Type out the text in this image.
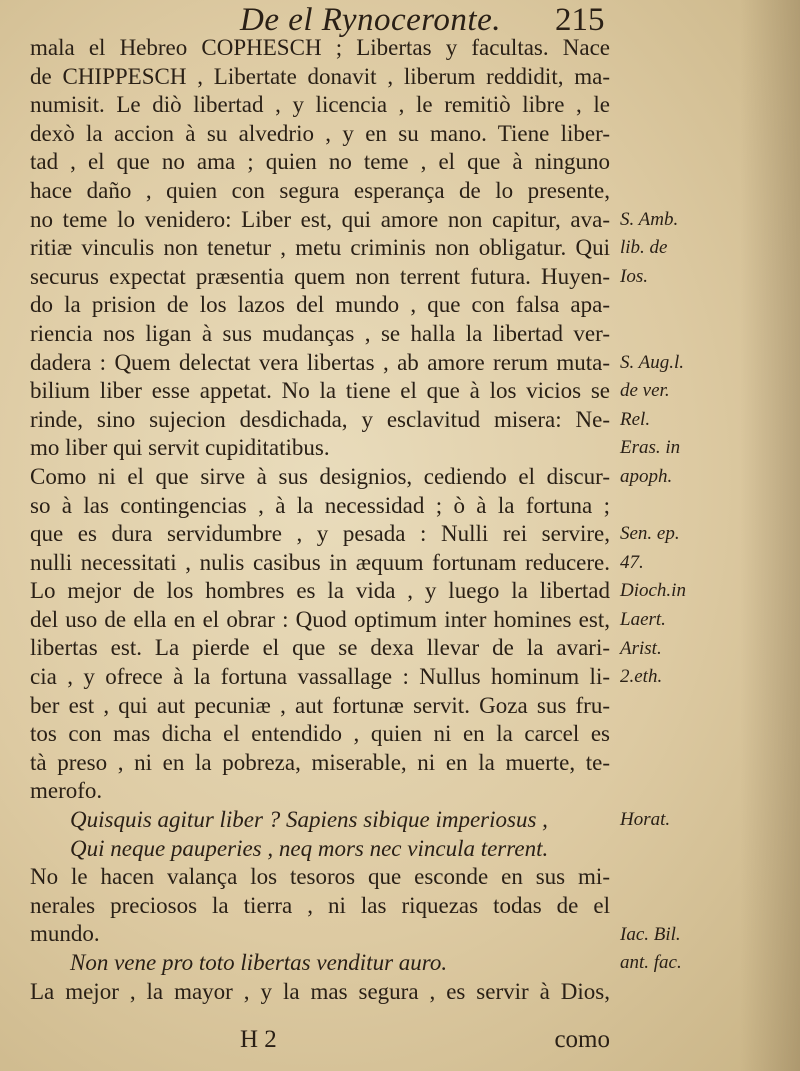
De el Rynoceronte. 215
mala el Hebreo COPHESCH ; Libertas y facultas. Nace
de CHIPPESCH , Libertate donavit , liberum reddidit, ma-
numisit. Le diò libertad , y licencia , le remitiò libre , le
dexò la accion à su alvedrio , y en su mano. Tiene liber-
tad , el que no ama ; quien no teme , el que à ninguno
hace daño , quien con segura esperança de lo presente,
no teme lo venidero: Liber est, qui amore non capitur, ava-
ritiæ vinculis non tenetur , metu criminis non obligatur. Qui
securus expectat præsentia quem non terrent futura. Huyen-
do la prision de los lazos del mundo , que con falsa apa-
riencia nos ligan à sus mudanças , se halla la libertad ver-
dadera : Quem delectat vera libertas , ab amore rerum muta-
bilium liber esse appetat. No la tiene el que à los vicios se
rinde, sino sujecion desdichada, y esclavitud misera: Ne-
mo liber qui servit cupiditatibus.
Como ni el que sirve à sus designios, cediendo el discur-
so à las contingencias , à la necessidad ; ò à la fortuna ;
que es dura servidumbre , y pesada : Nulli rei servire,
nulli necessitati , nulis casibus in æquum fortunam reducere.
Lo mejor de los hombres es la vida , y luego la libertad
del uso de ella en el obrar : Quod optimum inter homines est,
libertas est. La pierde el que se dexa llevar de la avari-
cia , y ofrece à la fortuna vassallage : Nullus hominum li-
ber est , qui aut pecuniæ , aut fortunæ servit. Goza sus fru-
tos con mas dicha el entendido , quien ni en la carcel es
tà preso , ni en la pobreza, miserable, ni en la muerte, te-
merofo.
Quisquis agitur liber ? Sapiens sibique imperiosus ,
Qui neque pauperies , neq mors nec vincula terrent.
No le hacen valança los tesoros que esconde en sus mi-
nerales preciosos la tierra , ni las riquezas todas de el
mundo.
Non vene pro toto libertas venditur auro.
La mejor , la mayor , y la mas segura , es servir à Dios,
S. Amb.
lib. de
Ios.
S. Aug.l.
de ver.
Rel.
Eras. in
apoph.
Sen. ep.
47.
Dioch.in
Laert.
Arist.
2.eth.
Horat.
Iac. Bil.
ant. fac.
H 2	como
